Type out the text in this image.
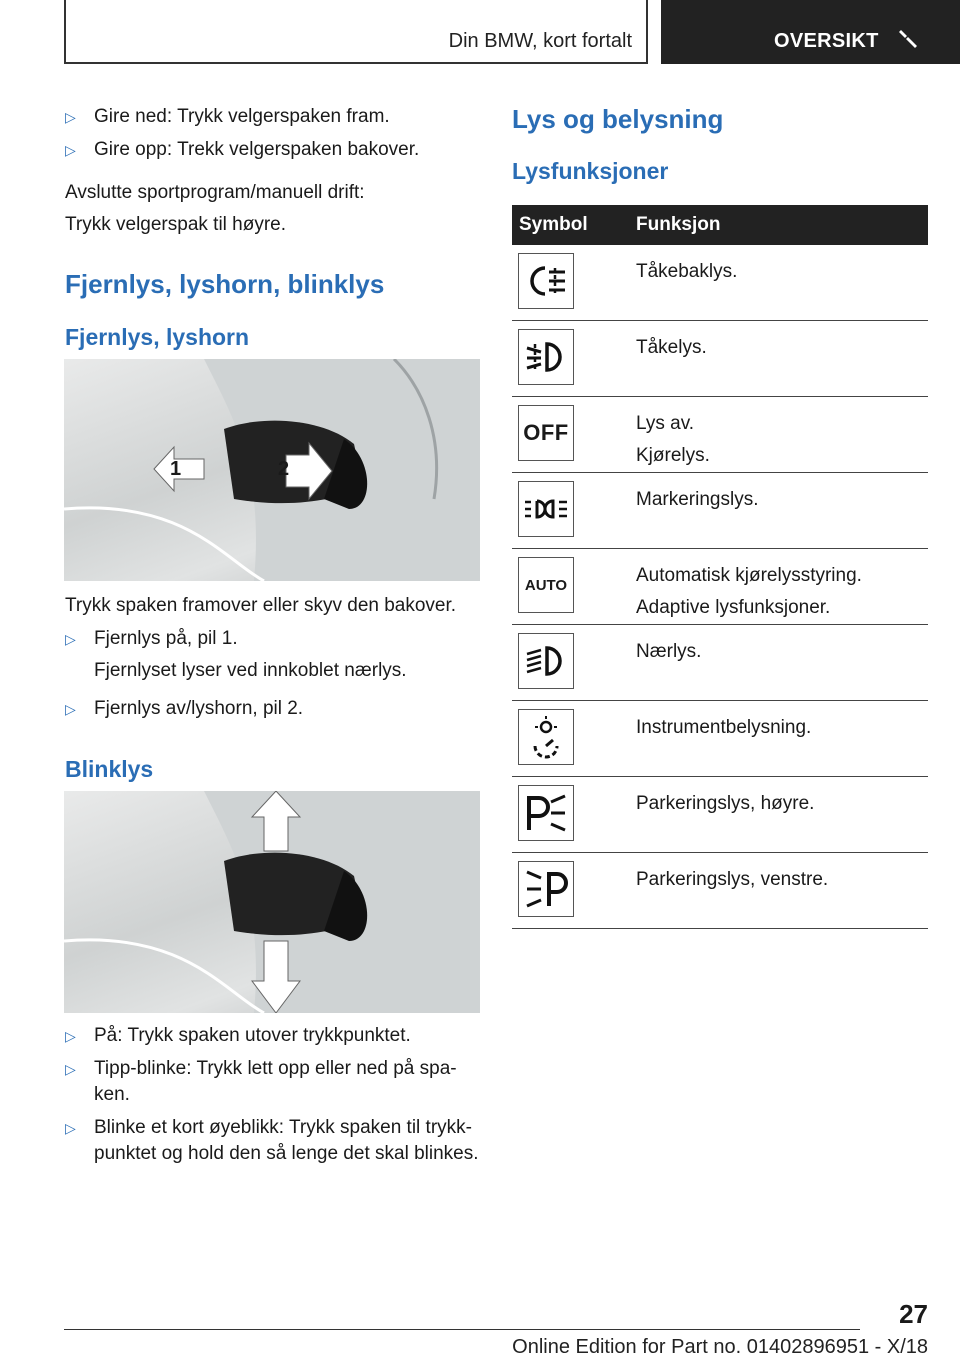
Din BMW, kort fortalt	OVERSIKT
▷ Gire ned: Trykk velgerspaken fram.
▷ Gire opp: Trekk velgerspaken bakover.
Avslutte sportprogram/manuell drift:
Trykk velgerspak til høyre.
Fjernlys, lyshorn, blinklys
Fjernlys, lyshorn
1	2
Trykk spaken framover eller skyv den bakover.
▷ Fjernlys på, pil 1.
Fjernlyset lyser ved innkoblet nærlys.
▷ Fjernlys av/lyshorn, pil 2.
Blinklys
▷ På: Trykk spaken utover trykkpunktet.
▷ Tipp-blinke: Trykk lett opp eller ned på spa-ken.
▷ Blinke et kort øyeblikk: Trykk spaken til trykk-punktet og hold den så lenge det skal blinkes.
Lys og belysning
Lysfunksjoner
Symbol	Funksjon

Tåkebaklys.

Tåkelys.

OFF	Lys av.
Kjørelys.

Markeringslys.

AUTO	Automatisk kjørelysstyring.
Adaptive lysfunksjoner.

Nærlys.

Instrumentbelysning.

Parkeringslys, høyre.

Parkeringslys, venstre.
27
Online Edition for Part no. 01402896951 - X/18
